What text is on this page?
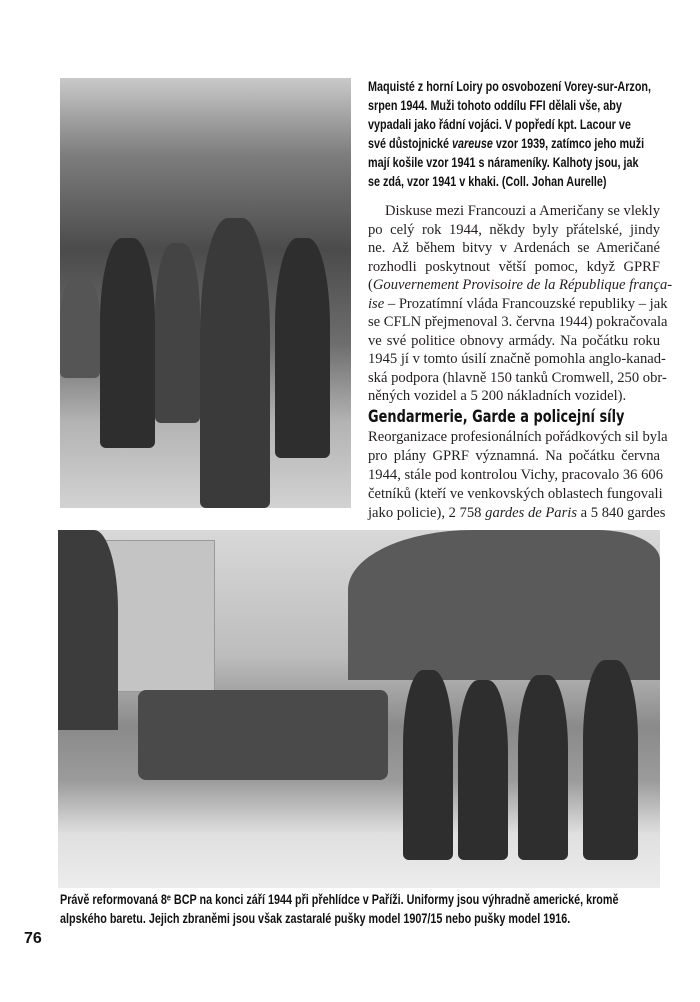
Maquisté z horní Loiry po osvobození Vorey-sur-Arzon,
srpen 1944. Muži tohoto oddílu FFI dělali vše, aby
vypadali jako řádní vojáci. V popředí kpt. Lacour ve
své důstojnické vareuse vzor 1939, zatímco jeho muži
mají košile vzor 1941 s nárameníky. Kalhoty jsou, jak
se zdá, vzor 1941 v khaki. (Coll. Johan Aurelle)
Diskuse mezi Francouzi a Američany se vlekly
po celý rok 1944, někdy byly přátelské, jindy
ne. Až během bitvy v Ardenách se Američané
rozhodli poskytnout větší pomoc, když GPRF
(Gouvernement Provisoire de la République frança-
ise – Prozatímní vláda Francouzské republiky – jak
se CFLN přejmenoval 3. června 1944) pokračovala
ve své politice obnovy armády. Na počátku roku
1945 jí v tomto úsilí značně pomohla anglo-kanad-
ská podpora (hlavně 150 tanků Cromwell, 250 obr-
něných vozidel a 5 200 nákladních vozidel).
Gendarmerie, Garde a policejní síly
Reorganizace profesionálních pořádkových sil byla
pro plány GPRF významná. Na počátku června
1944, stále pod kontrolou Vichy, pracovalo 36 606
četníků (kteří ve venkovských oblastech fungovali
jako policie), 2 758 gardes de Paris a 5 840 gardes
Právě reformovaná 8ᵉ BCP na konci září 1944 při přehlídce v Paříži. Uniformy jsou výhradně americké, kromě
alpského baretu. Jejich zbraněmi jsou však zastaralé pušky model 1907/15 nebo pušky model 1916.
76
